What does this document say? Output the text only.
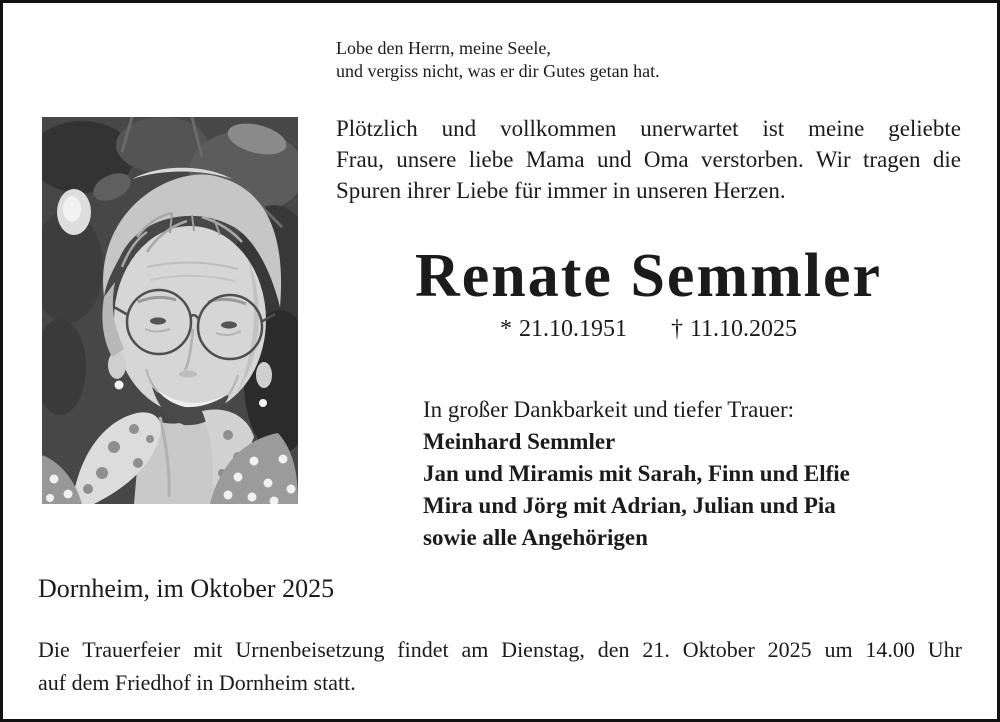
Lobe den Herrn, meine Seele,
und vergiss nicht, was er dir Gutes getan hat.
Plötzlich und vollkommen unerwartet ist meine geliebte
Frau, unsere liebe Mama und Oma verstorben. Wir tragen die
Spuren ihrer Liebe für immer in unseren Herzen.
Renate Semmler
* 21.10.1951 † 11.10.2025
In großer Dankbarkeit und tiefer Trauer:
Meinhard Semmler
Jan und Miramis mit Sarah, Finn und Elfie
Mira und Jörg mit Adrian, Julian und Pia
sowie alle Angehörigen
Dornheim, im Oktober 2025
Die Trauerfeier mit Urnenbeisetzung findet am Dienstag, den 21. Oktober 2025 um 14.00 Uhr
auf dem Friedhof in Dornheim statt.
